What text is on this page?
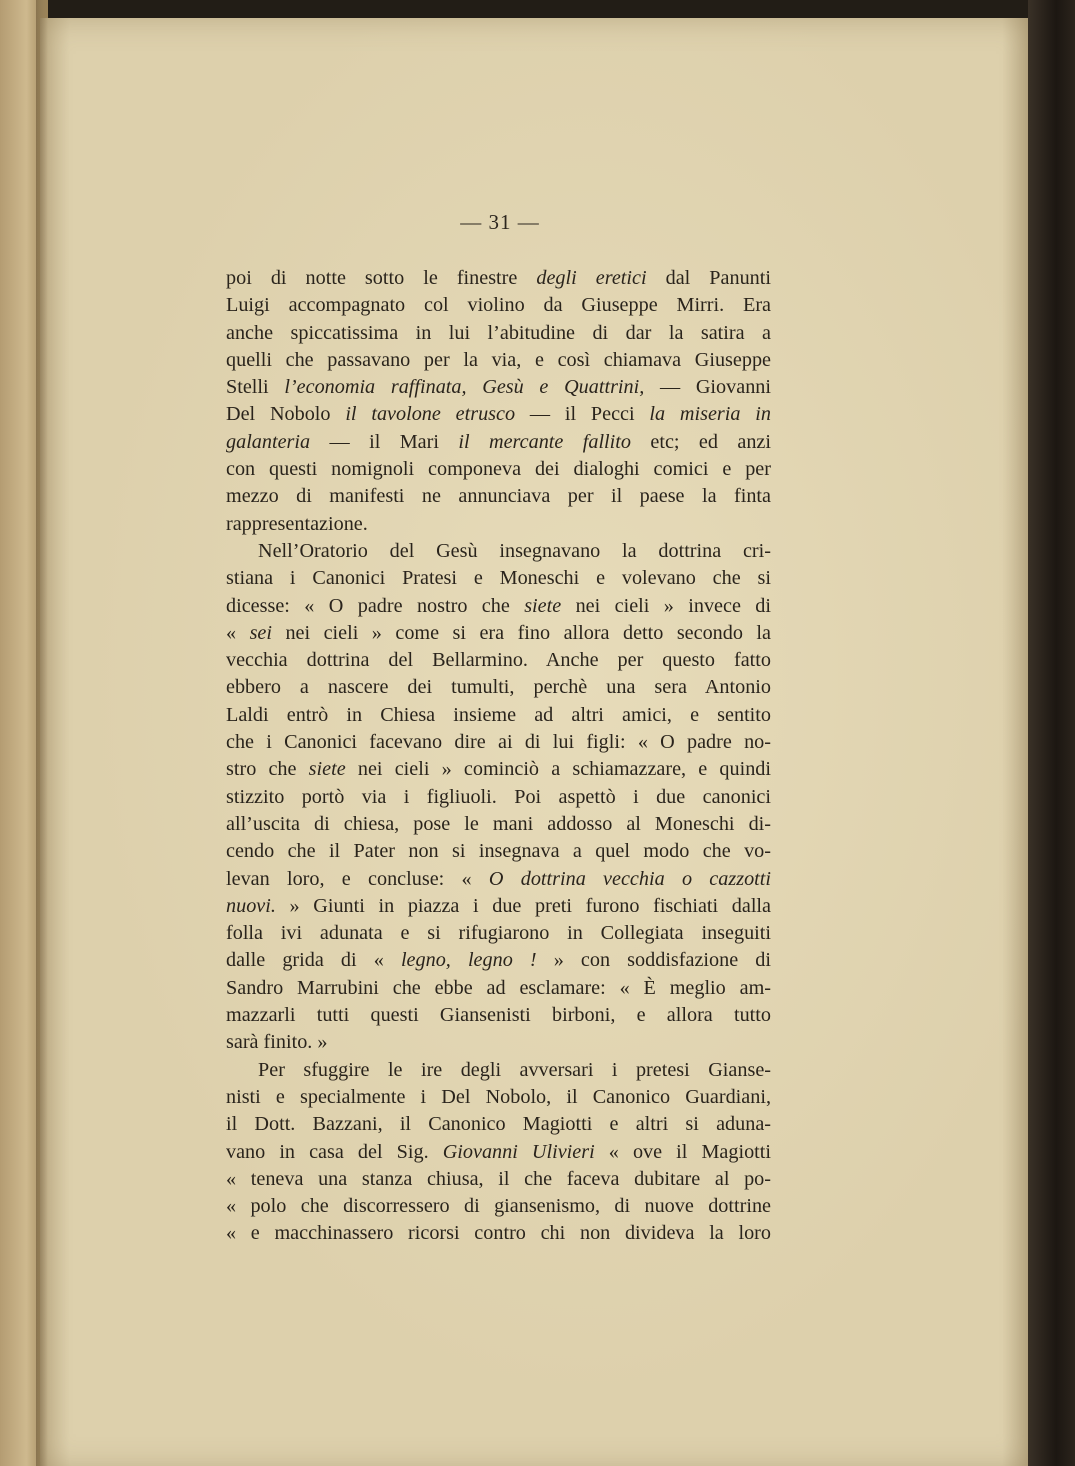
— 31 —
poi di notte sotto le finestre degli eretici dal Panunti
Luigi accompagnato col violino da Giuseppe Mirri. Era
anche spiccatissima in lui l’abitudine di dar la satira a
quelli che passavano per la via, e così chiamava Giuseppe
Stelli l’economia raffinata, Gesù e Quattrini, — Giovanni
Del Nobolo il tavolone etrusco — il Pecci la miseria in
galanteria — il Mari il mercante fallito etc; ed anzi
con questi nomignoli componeva dei dialoghi comici e per
mezzo di manifesti ne annunciava per il paese la finta
rappresentazione.
Nell’Oratorio del Gesù insegnavano la dottrina cri-
stiana i Canonici Pratesi e Moneschi e volevano che si
dicesse: « O padre nostro che siete nei cieli » invece di
« sei nei cieli » come si era fino allora detto secondo la
vecchia dottrina del Bellarmino. Anche per questo fatto
ebbero a nascere dei tumulti, perchè una sera Antonio
Laldi entrò in Chiesa insieme ad altri amici, e sentito
che i Canonici facevano dire ai di lui figli: « O padre no-
stro che siete nei cieli » cominciò a schiamazzare, e quindi
stizzito portò via i figliuoli. Poi aspettò i due canonici
all’uscita di chiesa, pose le mani addosso al Moneschi di-
cendo che il Pater non si insegnava a quel modo che vo-
levan loro, e concluse: « O dottrina vecchia o cazzotti
nuovi. » Giunti in piazza i due preti furono fischiati dalla
folla ivi adunata e si rifugiarono in Collegiata inseguiti
dalle grida di « legno, legno ! » con soddisfazione di
Sandro Marrubini che ebbe ad esclamare: « È meglio am-
mazzarli tutti questi Giansenisti birboni, e allora tutto
sarà finito. »
Per sfuggire le ire degli avversari i pretesi Gianse-
nisti e specialmente i Del Nobolo, il Canonico Guardiani,
il Dott. Bazzani, il Canonico Magiotti e altri si aduna-
vano in casa del Sig. Giovanni Ulivieri « ove il Magiotti
« teneva una stanza chiusa, il che faceva dubitare al po-
« polo che discorressero di giansenismo, di nuove dottrine
« e macchinassero ricorsi contro chi non divideva la loro
